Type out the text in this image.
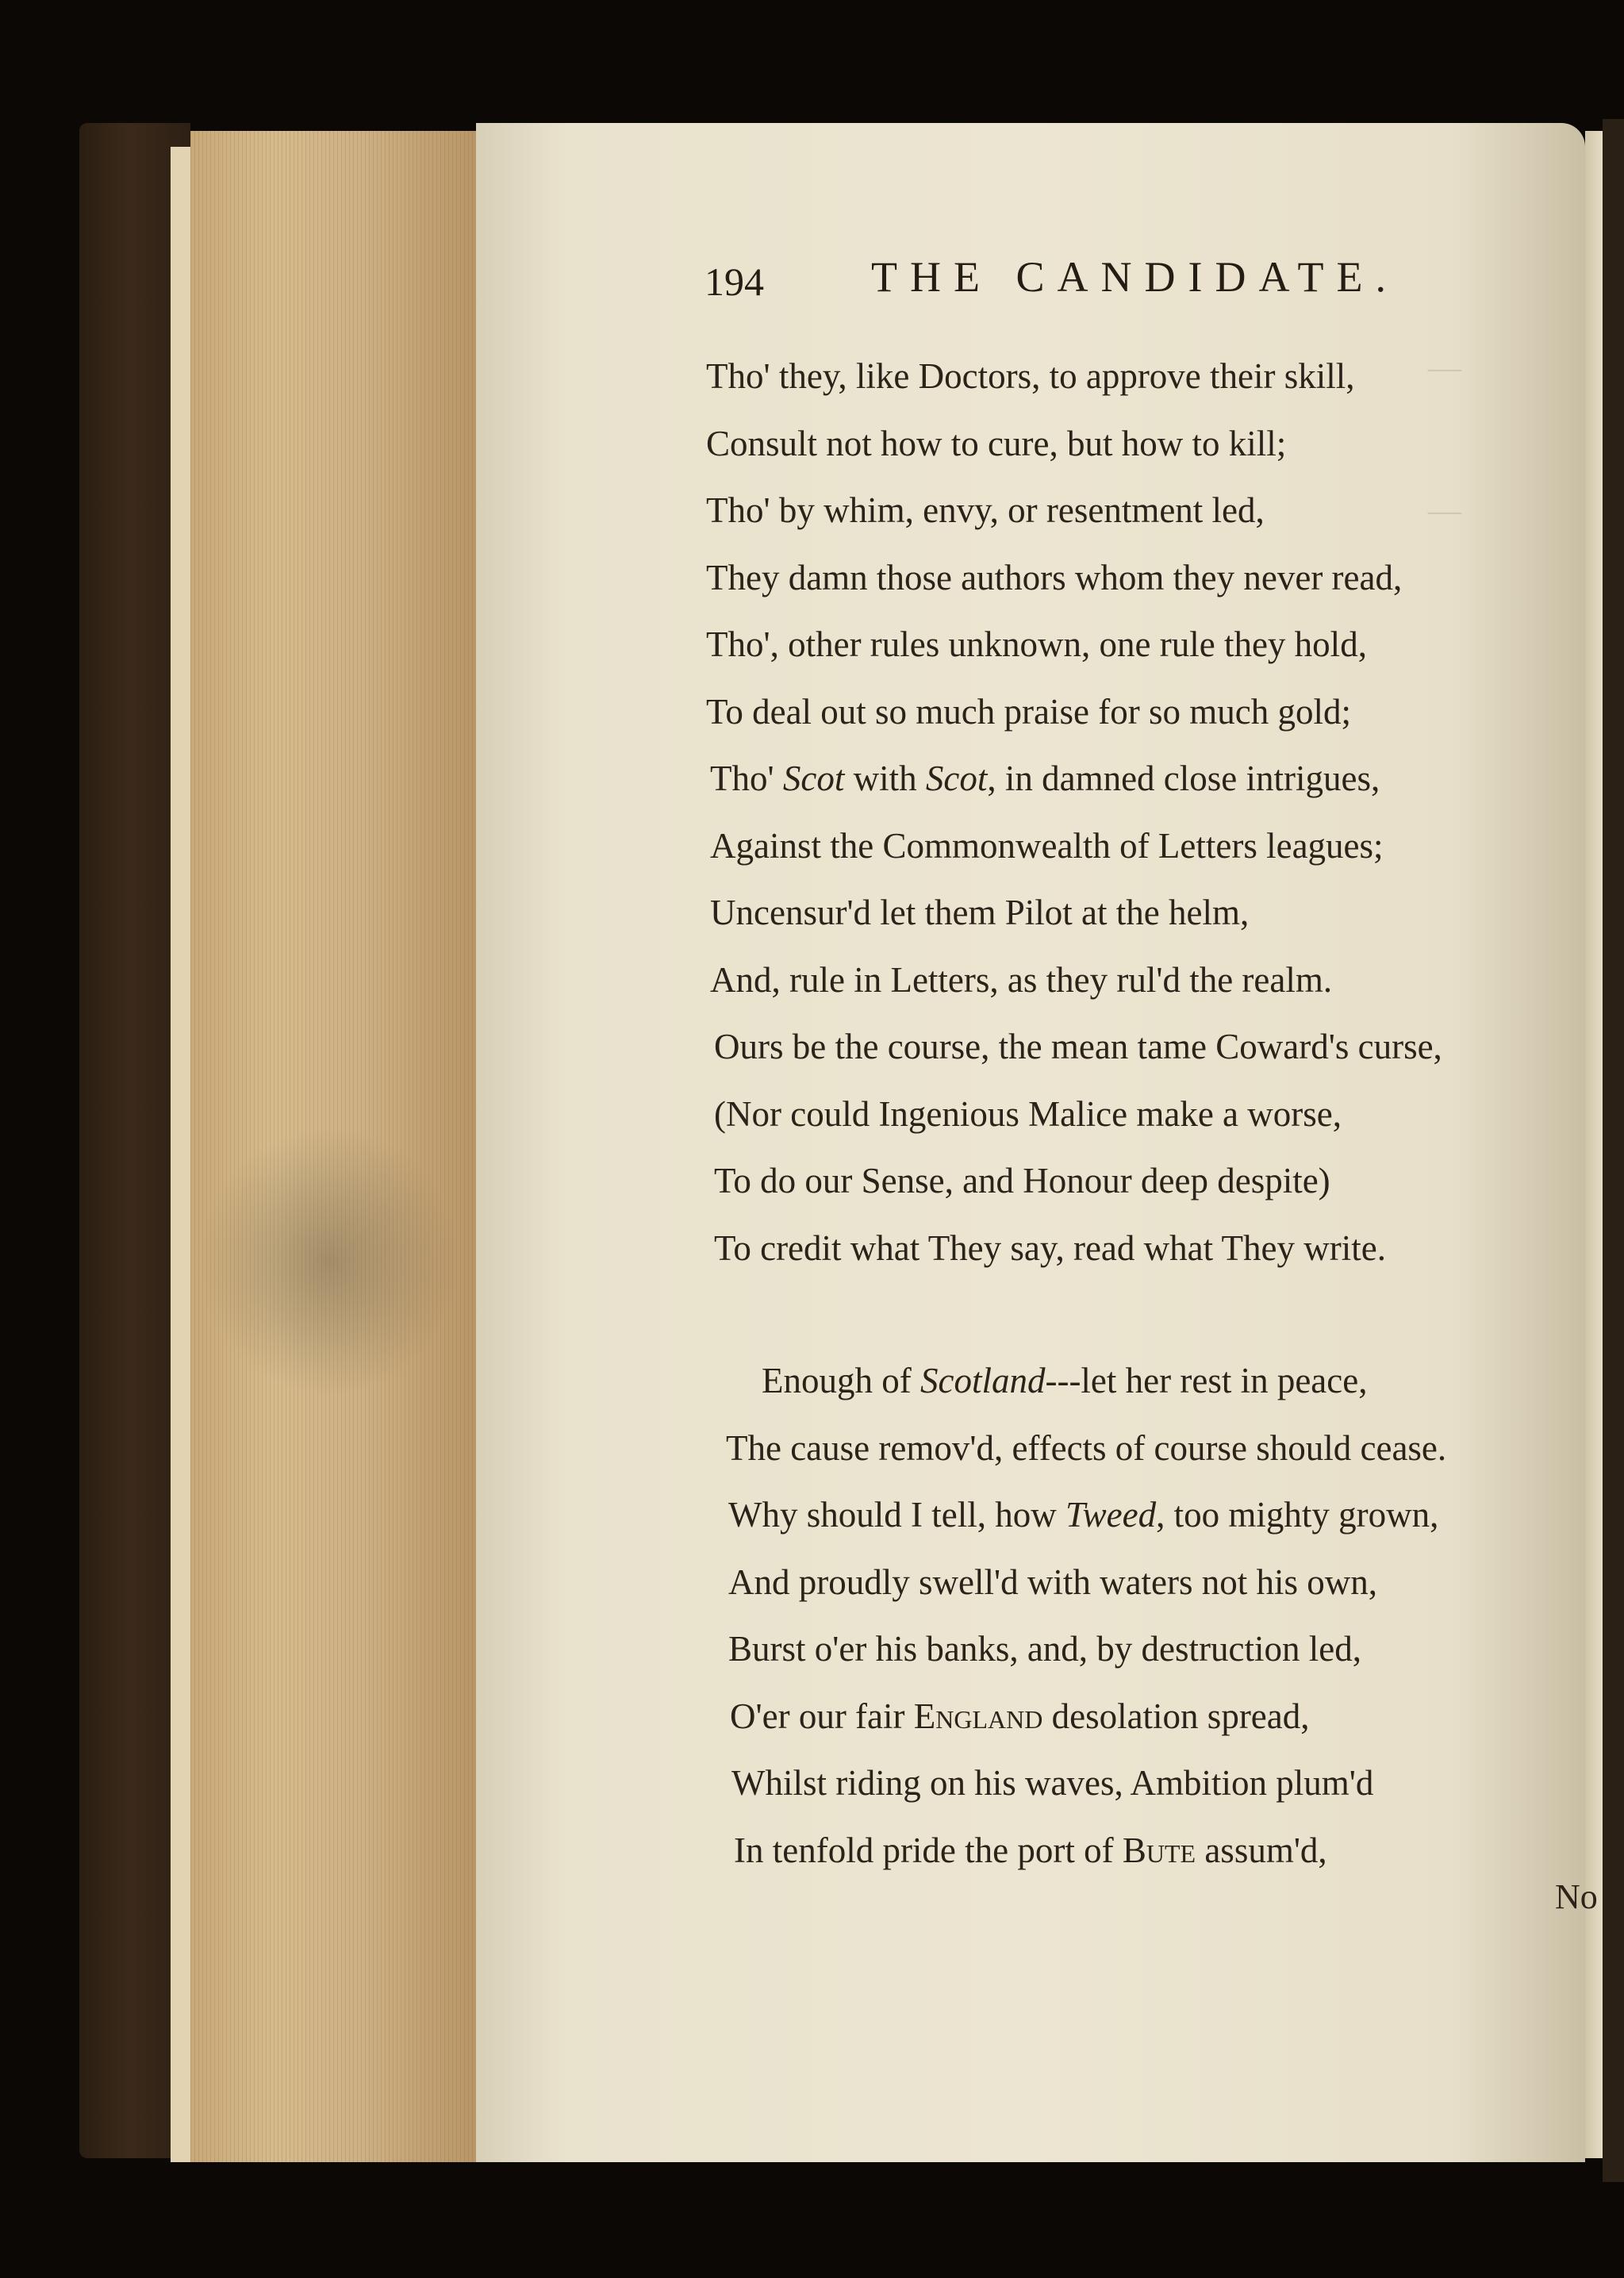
—
—
No
194	THE CANDIDATE.
Tho' they, like Doctors, to approve their skill,
Consult not how to cure, but how to kill;
Tho' by whim, envy, or resentment led,
They damn those authors whom they never read,
Tho', other rules unknown, one rule they hold,
To deal out so much praise for so much gold;
Tho' Scot with Scot, in damned close intrigues,
Against the Commonwealth of Letters leagues;
Uncensur'd let them Pilot at the helm,
And, rule in Letters, as they rul'd the realm.
Ours be the course, the mean tame Coward's curse,
(Nor could Ingenious Malice make a worse,
To do our Sense, and Honour deep despite)
To credit what They say, read what They write.
Enough of Scotland---let her rest in peace,
The cause remov'd, effects of course should cease.
Why should I tell, how Tweed, too mighty grown,
And proudly swell'd with waters not his own,
Burst o'er his banks, and, by destruction led,
O'er our fair England desolation spread,
Whilst riding on his waves, Ambition plum'd
In tenfold pride the port of Bute assum'd,
